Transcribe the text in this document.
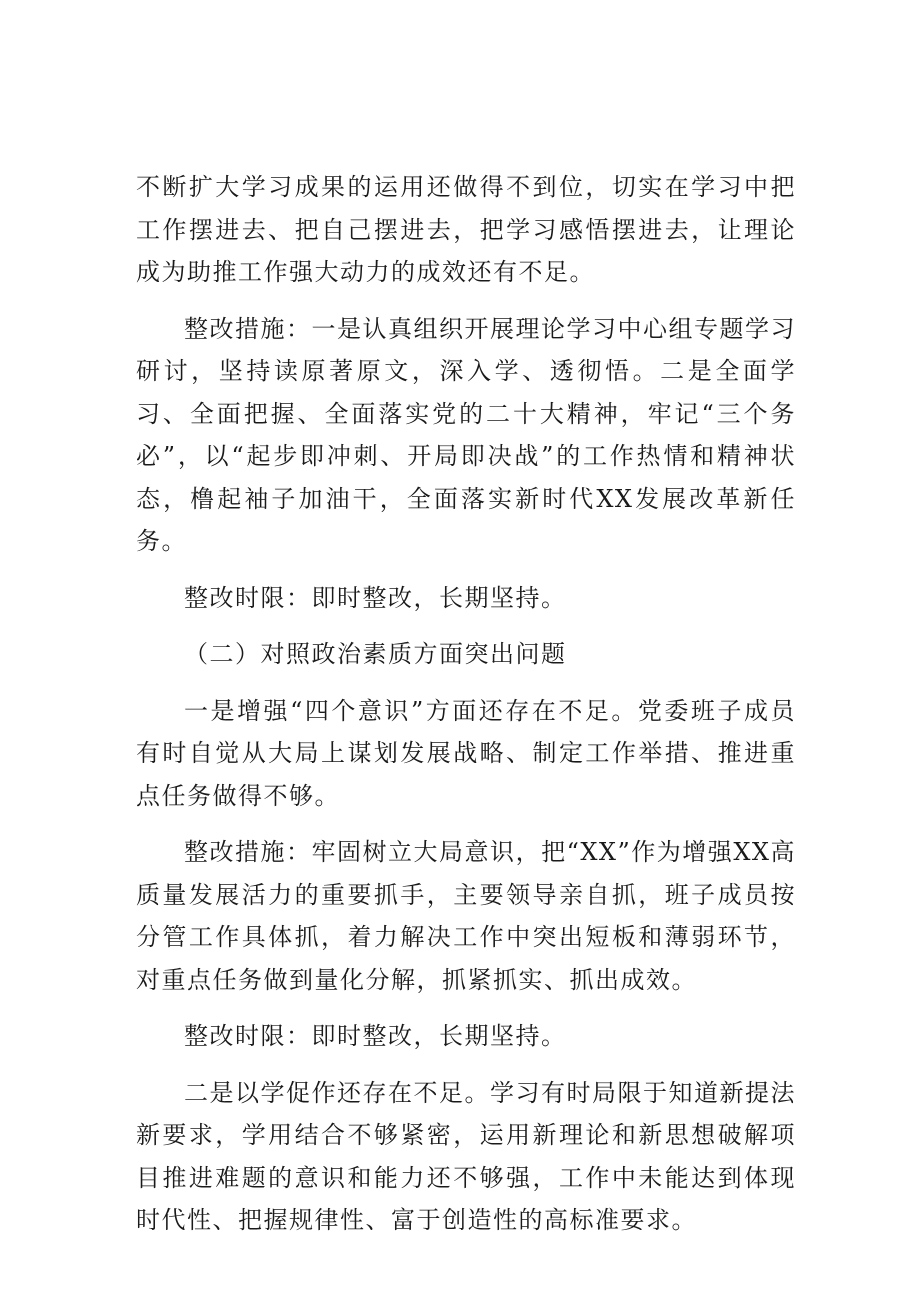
不断扩大学习成果的运用还做得不到位，切实在学习中把工作摆进去、把自己摆进去，把学习感悟摆进去，让理论成为助推工作强大动力的成效还有不足。

整改措施：一是认真组织开展理论学习中心组专题学习研讨，坚持读原著原文，深入学、透彻悟。二是全面学习、全面把握、全面落实党的二十大精神，牢记“三个务必”，以“起步即冲刺、开局即决战”的工作热情和精神状态，橹起袖子加油干，全面落实新时代XX发展改革新任务。

整改时限：即时整改，长期坚持。

（二）对照政治素质方面突出问题

一是增强“四个意识”方面还存在不足。党委班子成员有时自觉从大局上谋划发展战略、制定工作举措、推进重点任务做得不够。

整改措施：牢固树立大局意识，把“XX”作为增强XX高质量发展活力的重要抓手，主要领导亲自抓，班子成员按分管工作具体抓，着力解决工作中突出短板和薄弱环节，对重点任务做到量化分解，抓紧抓实、抓出成效。

整改时限：即时整改，长期坚持。

二是以学促作还存在不足。学习有时局限于知道新提法新要求，学用结合不够紧密，运用新理论和新思想破解项目推进难题的意识和能力还不够强，工作中未能达到体现时代性、把握规律性、富于创造性的高标准要求。
